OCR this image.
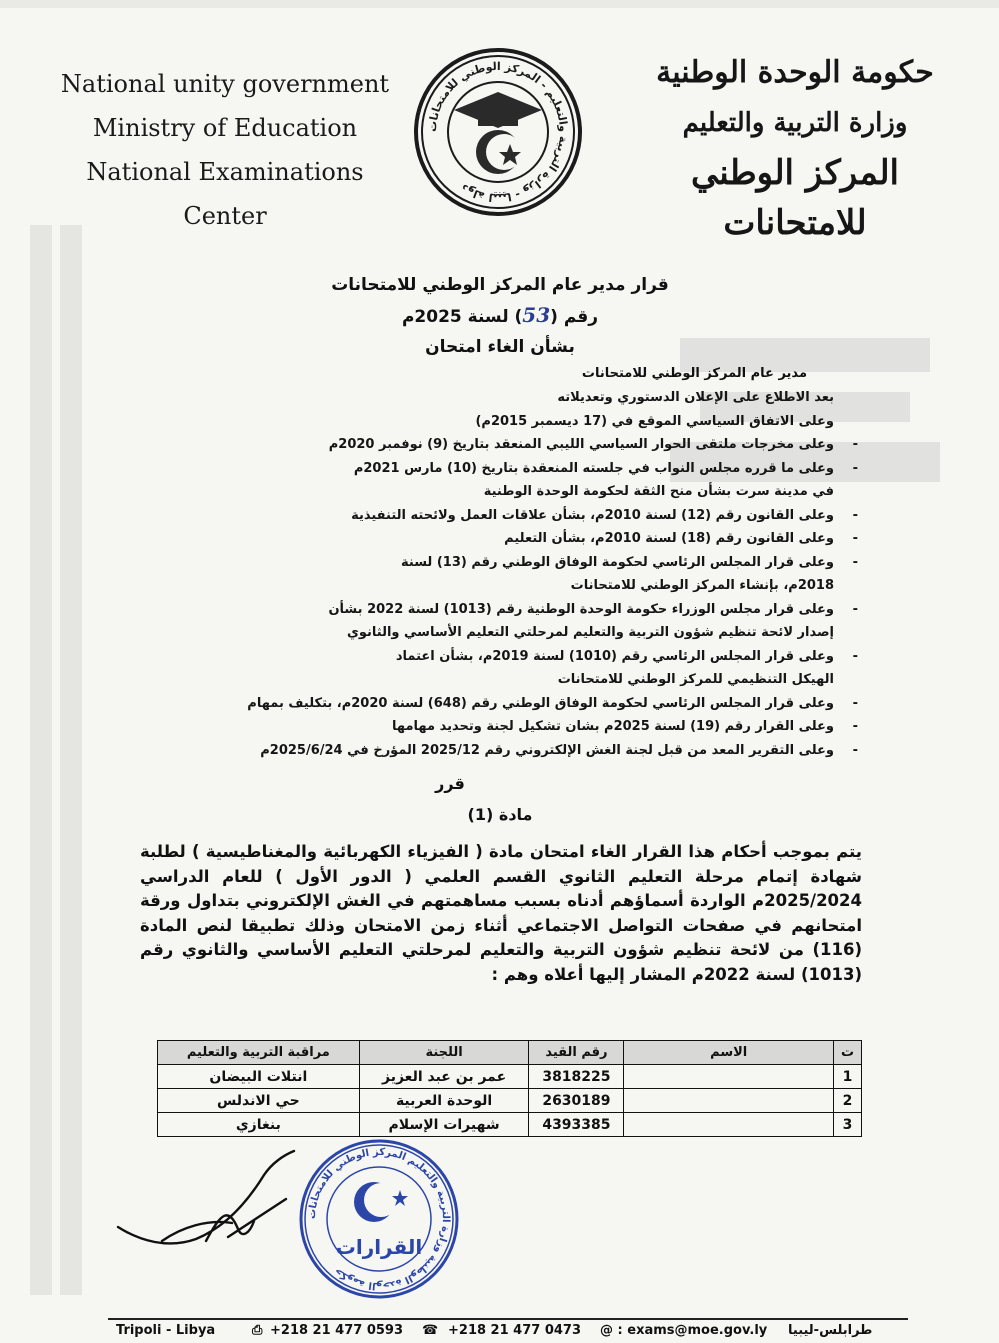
National unity government
Ministry of Education
National Examinations Center
دولة ليبيا - وزارة التربية والتعليم - المركز الوطني للامتحانات
حكومة الوحدة الوطنية
وزارة التربية والتعليم
المركز الوطني للامتحانات
قرار مدير عام المركز الوطني للامتحانات
رقم (53) لسنة 2025م
بشأن الغاء امتحان
مدير عام المركز الوطني للامتحانات
بعد الاطلاع على الإعلان الدستوري وتعديلاته
وعلى الاتفاق السياسي الموقع في (17 ديسمبر 2015م)
- وعلى مخرجات ملتقى الحوار السياسي الليبي المنعقد بتاريخ (9) نوفمبر 2020م
- وعلى ما قرره مجلس النواب في جلسته المنعقدة بتاريخ (10) مارس 2021م
في مدينة سرت بشأن منح الثقة لحكومة الوحدة الوطنية
- وعلى القانون رقم (12) لسنة 2010م، بشأن علاقات العمل ولائحته التنفيذية
- وعلى القانون رقم (18) لسنة 2010م، بشأن التعليم
- وعلى قرار المجلس الرئاسي لحكومة الوفاق الوطني رقم (13) لسنة
2018م، بإنشاء المركز الوطني للامتحانات
- وعلى قرار مجلس الوزراء حكومة الوحدة الوطنية رقم (1013) لسنة 2022 بشأن
إصدار لائحة تنظيم شؤون التربية والتعليم لمرحلتي التعليم الأساسي والثانوي
- وعلى قرار المجلس الرئاسي رقم (1010) لسنة 2019م، بشأن اعتماد
الهيكل التنظيمي للمركز الوطني للامتحانات
- وعلى قرار المجلس الرئاسي لحكومة الوفاق الوطني رقم (648) لسنة 2020م، بتكليف بمهام
- وعلى القرار رقم (19) لسنة 2025م بشان تشكيل لجنة وتحديد مهامها
- وعلى التقرير المعد من قبل لجنة الغش الإلكتروني رقم 2025/12 المؤرخ في 2025/6/24م
قرر
مادة (1)
يتم بموجب أحكام هذا القرار الغاء امتحان مادة ( الفيزياء الكهربائية والمغناطيسية ) لطلبة شهادة إتمام مرحلة التعليم الثانوي القسم العلمي ( الدور الأول ) للعام الدراسي 2025/2024م الواردة أسماؤهم أدناه بسبب مساهمتهم في الغش الإلكتروني بتداول ورقة امتحانهم في صفحات التواصل الاجتماعي أثناء زمن الامتحان وذلك تطبيقا لنص المادة (116) من لائحة تنظيم شؤون التربية والتعليم لمرحلتي التعليم الأساسي والثانوي رقم (1013) لسنة 2022م المشار إليها أعلاه وهم :
ت	الاسم	رقم القيد	اللجنة	مراقبة التربية والتعليم
1		3818225	عمر بن عبد العزيز	انتلات البيضان
2		2630189	الوحدة العربية	حي الاندلس
3		4393385	شهيرات الإسلام	بنغازي
حكومة الوحدة الوطنية وزارة التربية والتعليم المركز الوطني للامتحانات
القرارات
Tripoli - Libya	⎙ +218 21 477 0593 ☎ +218 21 477 0473 @ : exams@moe.gov.ly طرابلس-ليبيا
